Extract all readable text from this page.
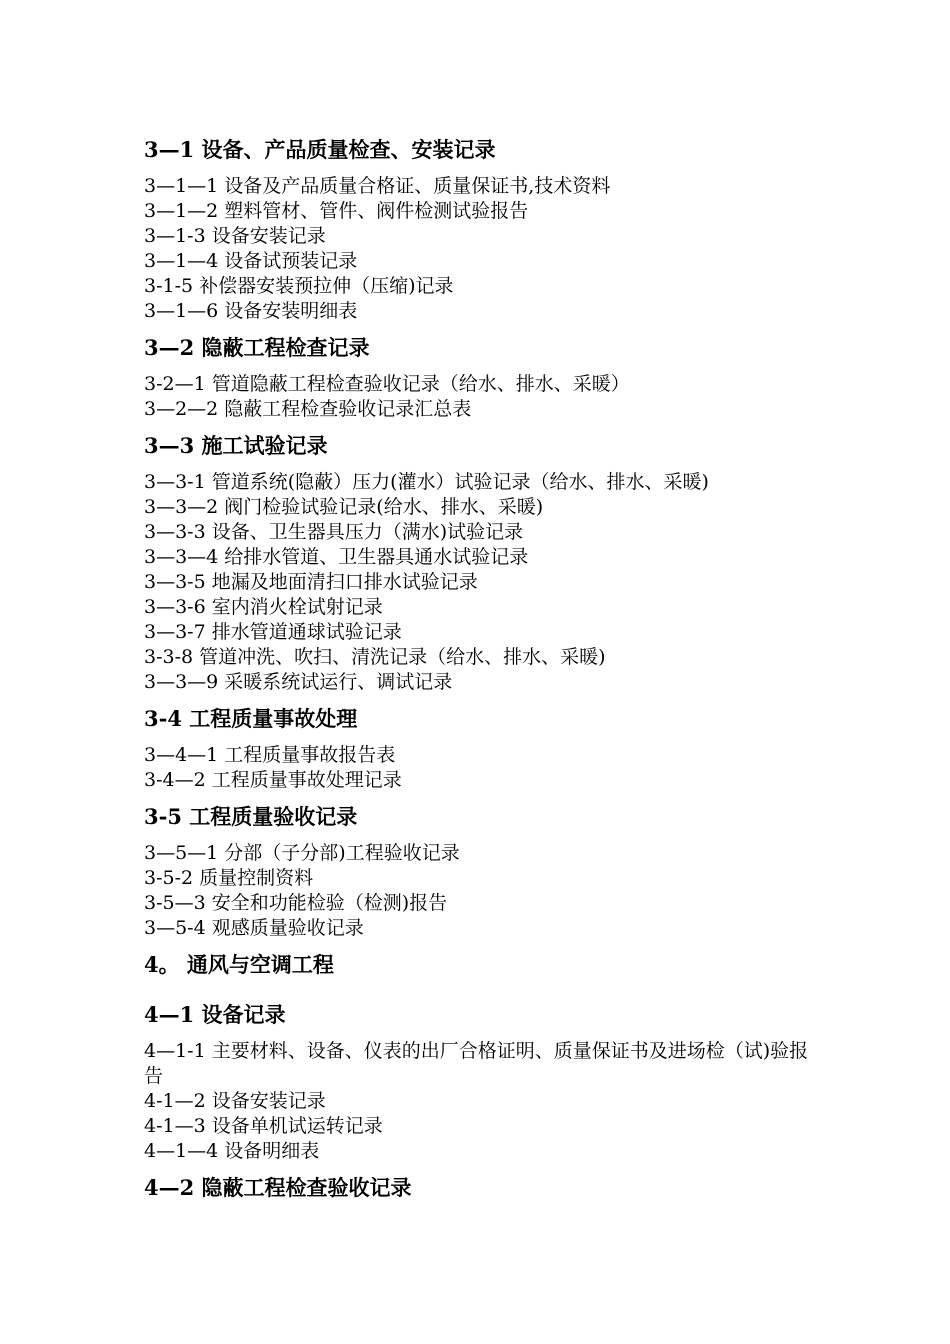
3—1 设备、产品质量检查、安装记录

3—1—1 设备及产品质量合格证、质量保证书,技术资料

3—1—2 塑料管材、管件、阀件检测试验报告

3—1-3 设备安装记录

3—1—4 设备试预装记录

3-1-5 补偿器安装预拉伸（压缩)记录

3—1—6 设备安装明细表

3—2 隐蔽工程检查记录

3-2—1 管道隐蔽工程检查验收记录（给水、排水、采暖）

3—2—2 隐蔽工程检查验收记录汇总表

3—3 施工试验记录

3—3-1 管道系统(隐蔽）压力(灌水）试验记录（给水、排水、采暖)

3—3—2 阀门检验试验记录(给水、排水、采暖)

3—3-3 设备、卫生器具压力（满水)试验记录

3—3—4 给排水管道、卫生器具通水试验记录

3—3-5 地漏及地面清扫口排水试验记录

3—3-6 室内消火栓试射记录

3—3-7 排水管道通球试验记录

3-3-8 管道冲洗、吹扫、清洗记录（给水、排水、采暖)

3—3—9 采暖系统试运行、调试记录

3-4 工程质量事故处理

3—4—1 工程质量事故报告表

3-4—2 工程质量事故处理记录

3-5 工程质量验收记录

3—5—1 分部（子分部)工程验收记录

3-5-2 质量控制资料

3-5—3 安全和功能检验（检测)报告

3—5-4 观感质量验收记录

4。 通风与空调工程
4—1 设备记录

4—1-1 主要材料、设备、仪表的出厂合格证明、质量保证书及进场检（试)验报告

4-1—2 设备安装记录

4-1—3 设备单机试运转记录

4—1—4 设备明细表

4—2 隐蔽工程检查验收记录
